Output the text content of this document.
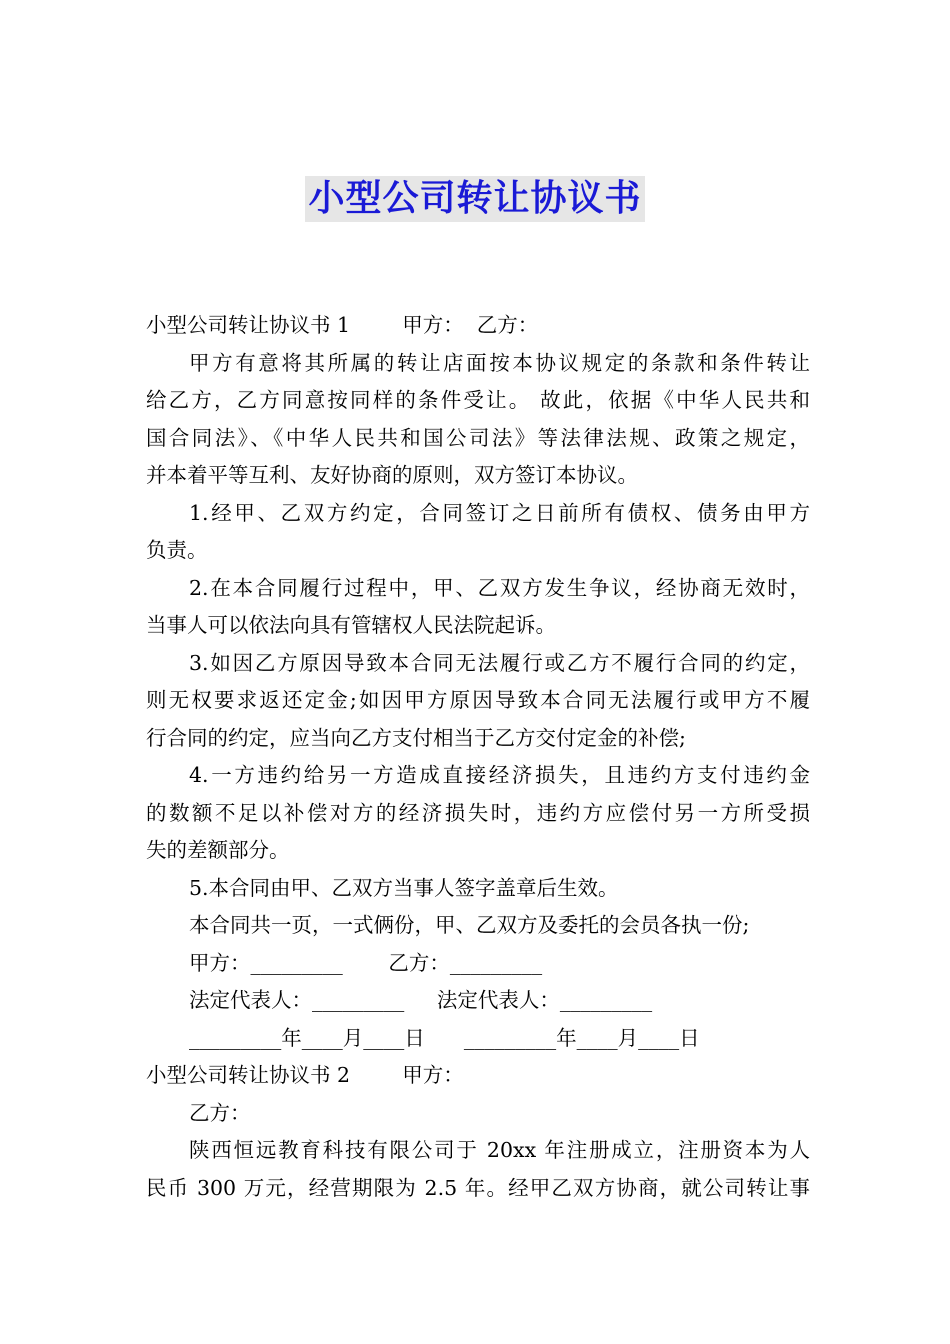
小型公司转让协议书
小型公司转让协议书 1        甲方：  乙方：
甲方有意将其所属的转让店面按本协议规定的条款和条件转让
给乙方，乙方同意按同样的条件受让。 故此，依据《中华人民共和
国合同法》、《中华人民共和国公司法》等法律法规、政策之规定，
并本着平等互利、友好协商的原则，双方签订本协议。
1.经甲、乙双方约定，合同签订之日前所有债权、债务由甲方
负责。
2.在本合同履行过程中，甲、乙双方发生争议，经协商无效时，
当事人可以依法向具有管辖权人民法院起诉。
3.如因乙方原因导致本合同无法履行或乙方不履行合同的约定，
则无权要求返还定金;如因甲方原因导致本合同无法履行或甲方不履
行合同的约定，应当向乙方支付相当于乙方交付定金的补偿;
4.一方违约给另一方造成直接经济损失，且违约方支付违约金
的数额不足以补偿对方的经济损失时，违约方应偿付另一方所受损
失的差额部分。
5.本合同由甲、乙双方当事人签字盖章后生效。
本合同共一页，一式俩份，甲、乙双方及委托的会员各执一份;
甲方：_________       乙方：_________
法定代表人：_________     法定代表人：_________
_________年____月____日      _________年____月____日
小型公司转让协议书 2        甲方：
乙方：
陕西恒远教育科技有限公司于 20xx 年注册成立，注册资本为人
民币 300 万元，经营期限为 2.5 年。经甲乙双方协商，就公司转让事
